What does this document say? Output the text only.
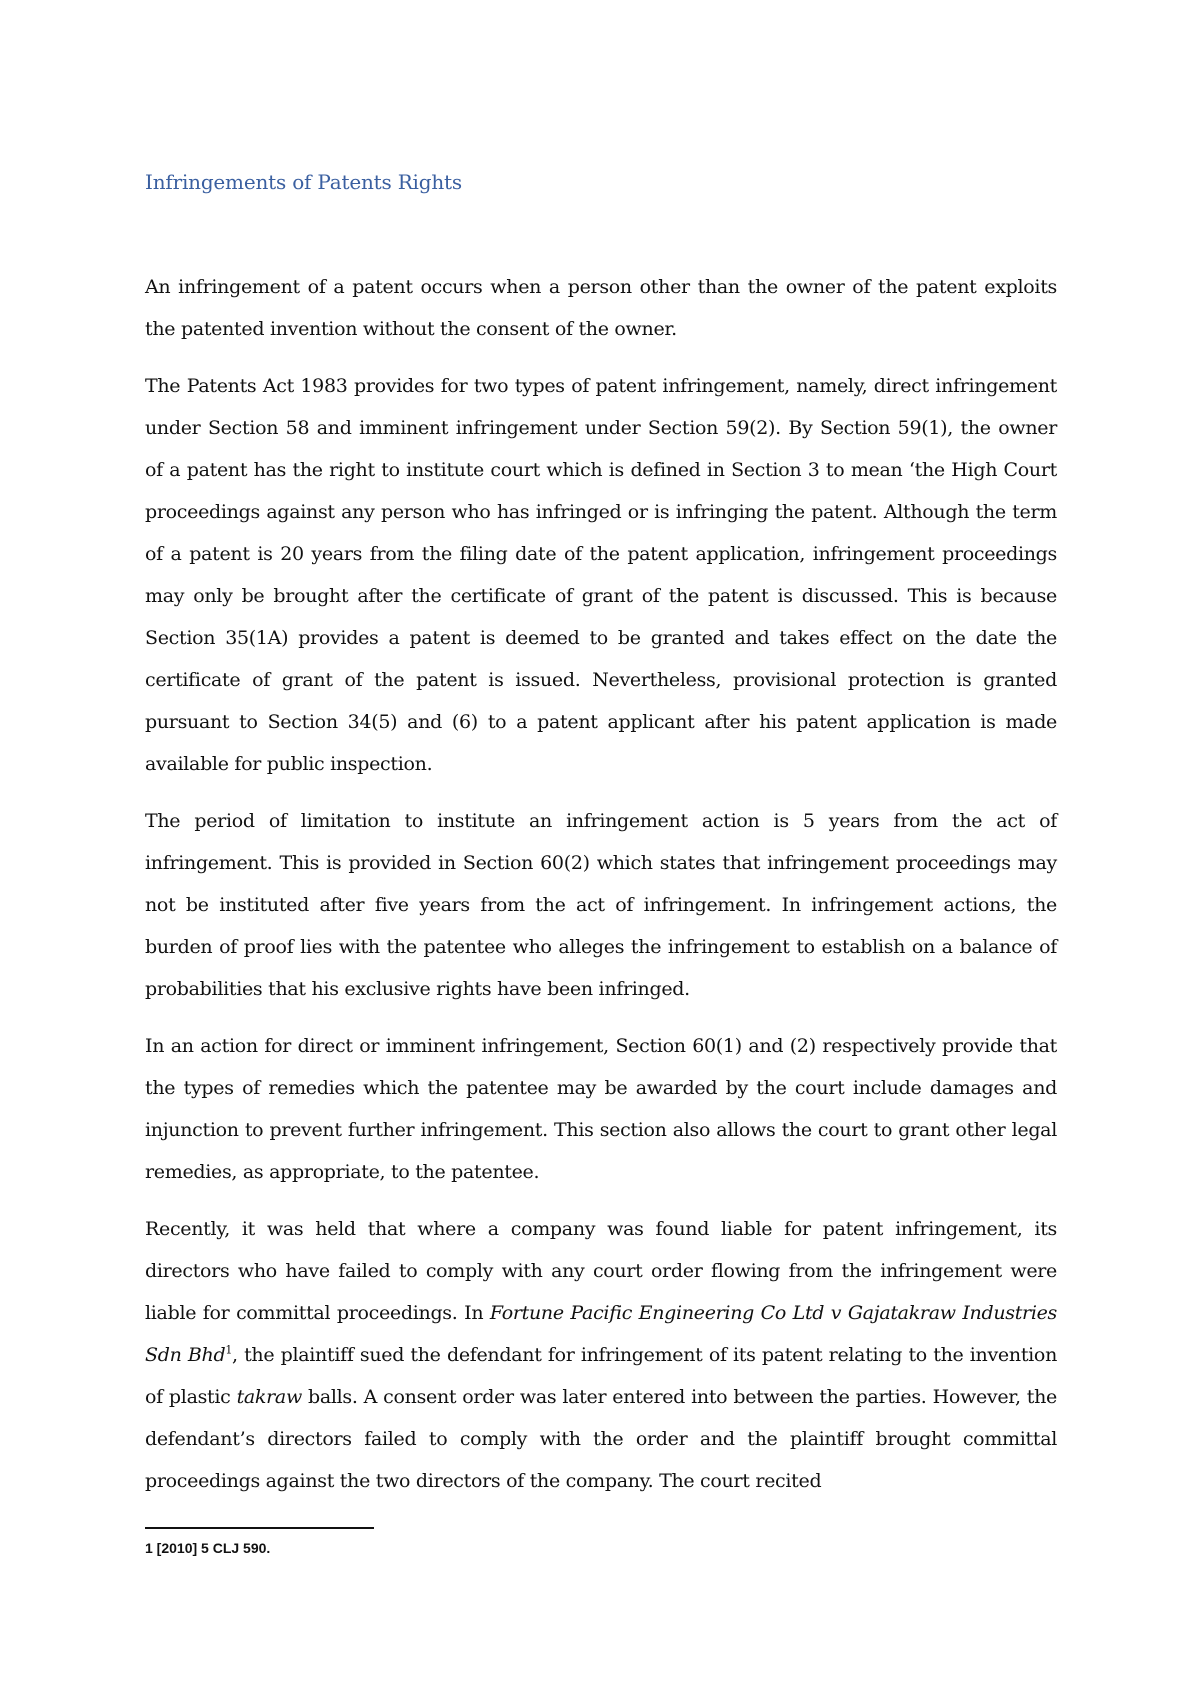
Infringements of Patents Rights

An infringement of a patent occurs when a person other than the owner of the patent exploits the patented invention without the consent of the owner.

The Patents Act 1983 provides for two types of patent infringement, namely, direct infringement under Section 58 and imminent infringement under Section 59(2). By Section 59(1), the owner of a patent has the right to institute court which is defined in Section 3 to mean ‘the High Court proceedings against any person who has infringed or is infringing the patent. Although the term of a patent is 20 years from the filing date of the patent application, infringement proceedings may only be brought after the certificate of grant of the patent is discussed. This is because Section 35(1A) provides a patent is deemed to be granted and takes effect on the date the certificate of grant of the patent is issued. Nevertheless, provisional protection is granted pursuant to Section 34(5) and (6) to a patent applicant after his patent application is made available for public inspection.

The period of limitation to institute an infringement action is 5 years from the act of infringement. This is provided in Section 60(2) which states that infringement proceedings may not be instituted after five years from the act of infringement. In infringement actions, the burden of proof lies with the patentee who alleges the infringement to establish on a balance of probabilities that his exclusive rights have been infringed.

In an action for direct or imminent infringement, Section 60(1) and (2) respectively provide that the types of remedies which the patentee may be awarded by the court include damages and injunction to prevent further infringement. This section also allows the court to grant other legal remedies, as appropriate, to the patentee.

Recently, it was held that where a company was found liable for patent infringement, its directors who have failed to comply with any court order flowing from the infringement were liable for committal proceedings. In Fortune Pacific Engineering Co Ltd v Gajatakraw Industries Sdn Bhd$^1$, the plaintiff sued the defendant for infringement of its patent relating to the invention of plastic takraw balls. A consent order was later entered into between the parties. However, the defendant’s directors failed to comply with the order and the plaintiff brought committal proceedings against the two directors of the company. The court recited

1 [2010] 5 CLJ 590.
